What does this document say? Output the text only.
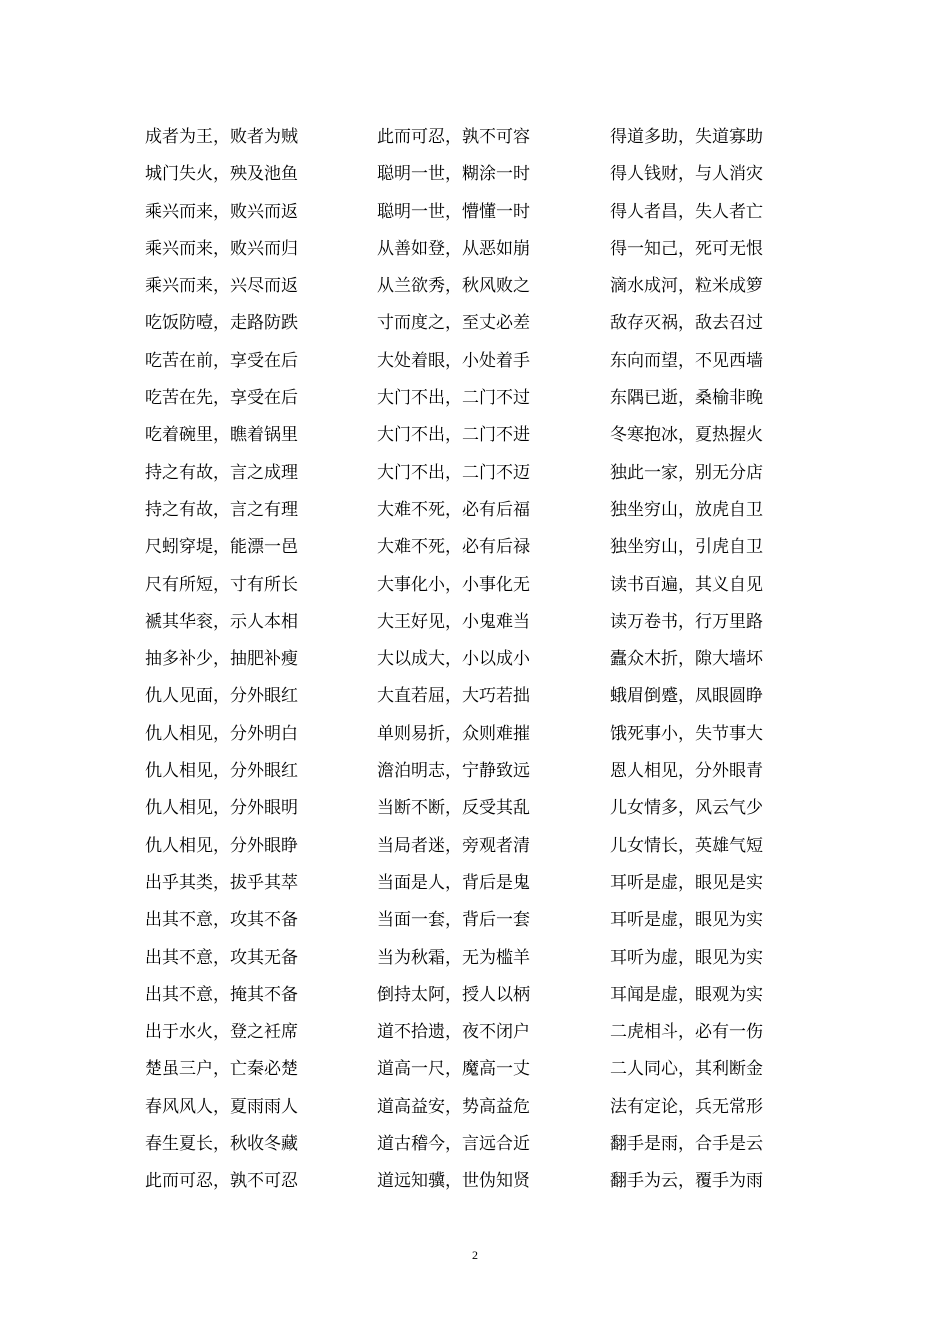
成者为王，败者为贼
城门失火，殃及池鱼
乘兴而来，败兴而返
乘兴而来，败兴而归
乘兴而来，兴尽而返
吃饭防噎，走路防跌
吃苦在前，享受在后
吃苦在先，享受在后
吃着碗里，瞧着锅里
持之有故，言之成理
持之有故，言之有理
尺蚓穿堤，能漂一邑
尺有所短，寸有所长
褫其华衮，示人本相
抽多补少，抽肥补瘦
仇人见面，分外眼红
仇人相见，分外明白
仇人相见，分外眼红
仇人相见，分外眼明
仇人相见，分外眼睁
出乎其类，拔乎其萃
出其不意，攻其不备
出其不意，攻其无备
出其不意，掩其不备
出于水火，登之衽席
楚虽三户，亡秦必楚
春风风人，夏雨雨人
春生夏长，秋收冬藏
此而可忍，孰不可忍
此而可忍，孰不可容
聪明一世，糊涂一时
聪明一世，懵懂一时
从善如登，从恶如崩
从兰欲秀，秋风败之
寸而度之，至丈必差
大处着眼，小处着手
大门不出，二门不过
大门不出，二门不进
大门不出，二门不迈
大难不死，必有后福
大难不死，必有后禄
大事化小，小事化无
大王好见，小鬼难当
大以成大，小以成小
大直若屈，大巧若拙
单则易折，众则难摧
澹泊明志，宁静致远
当断不断，反受其乱
当局者迷，旁观者清
当面是人，背后是鬼
当面一套，背后一套
当为秋霜，无为槛羊
倒持太阿，授人以柄
道不拾遗，夜不闭户
道高一尺，魔高一丈
道高益安，势高益危
道古稽今，言远合近
道远知骥，世伪知贤
得道多助，失道寡助
得人钱财，与人消灾
得人者昌，失人者亡
得一知己，死可无恨
滴水成河，粒米成箩
敌存灭祸，敌去召过
东向而望，不见西墙
东隅已逝，桑榆非晚
冬寒抱冰，夏热握火
独此一家，别无分店
独坐穷山，放虎自卫
独坐穷山，引虎自卫
读书百遍，其义自见
读万卷书，行万里路
蠹众木折，隙大墙坏
蛾眉倒蹙，凤眼圆睁
饿死事小，失节事大
恩人相见，分外眼青
儿女情多，风云气少
儿女情长，英雄气短
耳听是虚，眼见是实
耳听是虚，眼见为实
耳听为虚，眼见为实
耳闻是虚，眼观为实
二虎相斗，必有一伤
二人同心，其利断金
法有定论，兵无常形
翻手是雨，合手是云
翻手为云，覆手为雨
2
